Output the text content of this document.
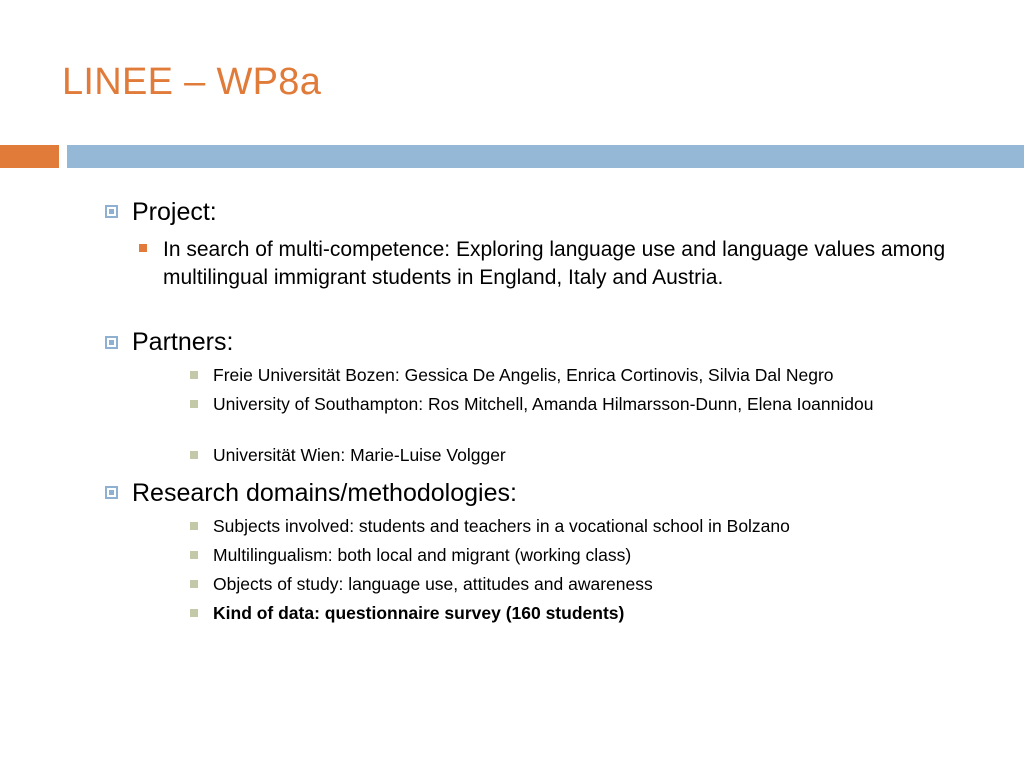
LINEE – WP8a
Project:
In search of multi-competence: Exploring language use and language values among multilingual immigrant students in England, Italy and Austria.
Partners:
Freie Universität Bozen: Gessica De Angelis, Enrica Cortinovis, Silvia Dal Negro
University of Southampton: Ros Mitchell, Amanda Hilmarsson-Dunn, Elena Ioannidou
Universität Wien: Marie-Luise Volgger
Research domains/methodologies:
Subjects involved: students and teachers in a vocational school in Bolzano
Multilingualism: both local and migrant (working class)
Objects of study: language use, attitudes and awareness
Kind of data: questionnaire survey (160 students)
